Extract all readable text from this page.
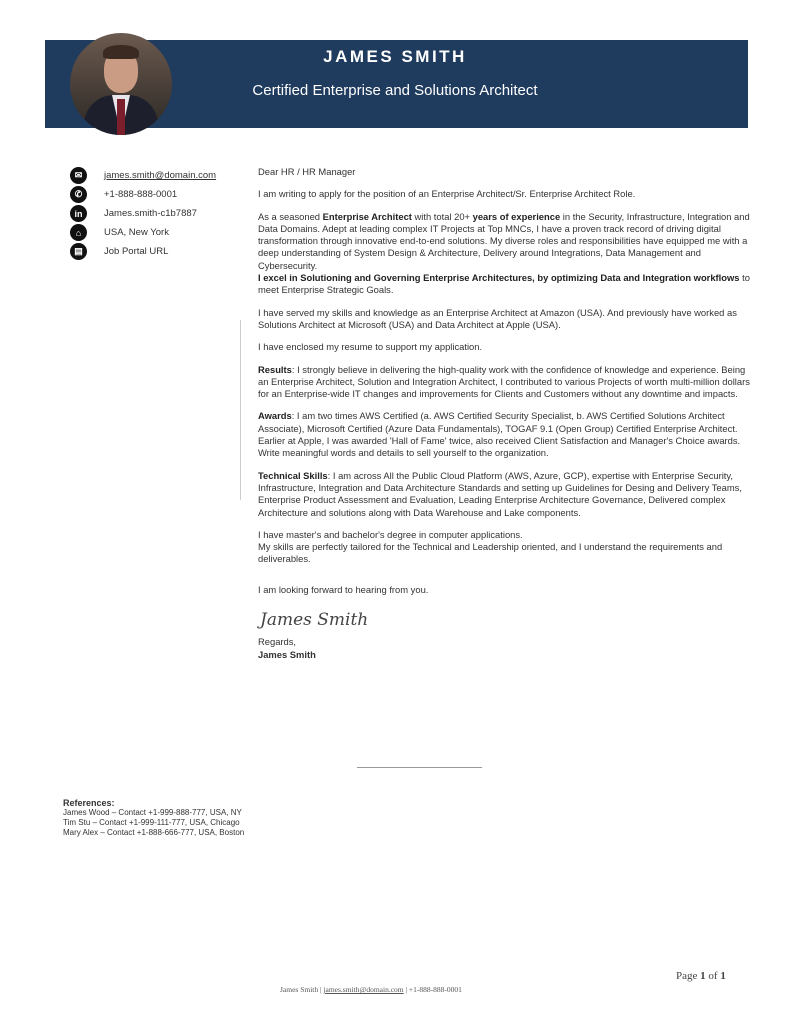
JAMES SMITH
Certified Enterprise and Solutions Architect
✉	james.smith@domain.com
✆	+1-888-888-0001
in	James.smith-c1b7887
⌂	USA, New York
▤	Job Portal URL

Dear HR / HR Manager

I am writing to apply for the position of an Enterprise Architect/Sr. Enterprise Architect Role.

As a seasoned Enterprise Architect with total 20+ years of experience in the Security, Infrastructure, Integration and Data Domains. Adept at leading complex IT Projects at Top MNCs, I have a proven track record of driving digital transformation through innovative end-to-end solutions. My diverse roles and responsibilities have equipped me with a deep understanding of System Design & Architecture, Delivery around Integrations, Data Management and Cybersecurity.
I excel in Solutioning and Governing Enterprise Architectures, by optimizing Data and Integration workflows to meet Enterprise Strategic Goals.

I have served my skills and knowledge as an Enterprise Architect at Amazon (USA). And previously have worked as Solutions Architect at Microsoft (USA) and Data Architect at Apple (USA).

I have enclosed my resume to support my application.

Results: I strongly believe in delivering the high-quality work with the confidence of knowledge and experience. Being an Enterprise Architect, Solution and Integration Architect, I contributed to various Projects of worth multi-million dollars for an Enterprise-wide IT changes and improvements for Clients and Customers without any downtime and impacts.

Awards: I am two times AWS Certified (a. AWS Certified Security Specialist, b. AWS Certified Solutions Architect Associate), Microsoft Certified (Azure Data Fundamentals), TOGAF 9.1 (Open Group) Certified Enterprise Architect. Earlier at Apple, I was awarded 'Hall of Fame' twice, also received Client Satisfaction and Manager's Choice awards. Write meaningful words and details to sell yourself to the organization.

Technical Skills: I am across All the Public Cloud Platform (AWS, Azure, GCP), expertise with Enterprise Security, Infrastructure, Integration and Data Architecture Standards and setting up Guidelines for Desing and Delivery Teams, Enterprise Product Assessment and Evaluation, Leading Enterprise Architecture Governance, Delivered complex Architecture and solutions along with Data Warehouse and Lake components.

I have master's and bachelor's degree in computer applications.
My skills are perfectly tailored for the Technical and Leadership oriented, and I understand the requirements and deliverables.

I am looking forward to hearing from you.

James Smith
Regards,
James Smith
References:
James Wood – Contact +1-999-888-777, USA, NY
Tim Stu – Contact +1-999-111-777, USA, Chicago
Mary Alex – Contact +1-888-666-777, USA, Boston
Page 1 of 1
James Smith | james.smith@domain.com | +1-888-888-0001
